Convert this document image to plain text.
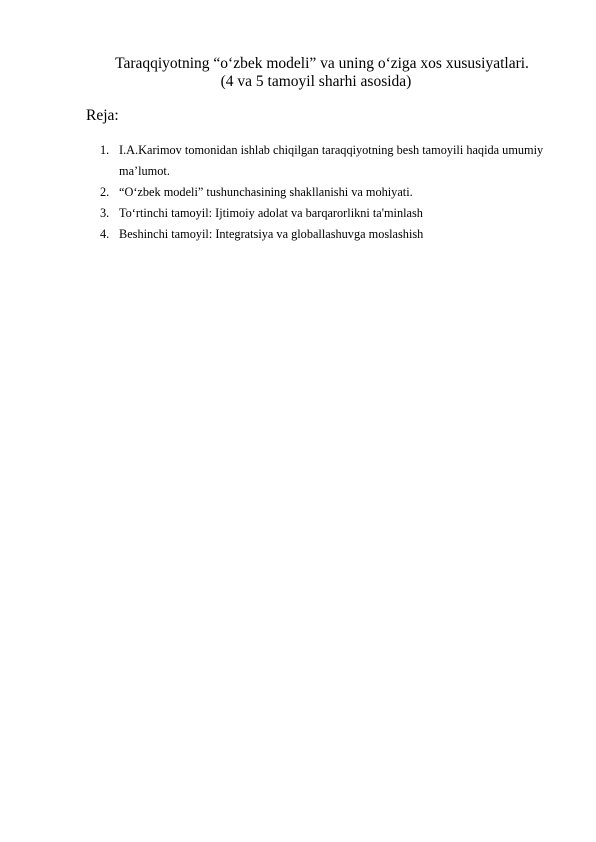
Taraqqiyotning “o‘zbek modeli” va uning o‘ziga xos xususiyatlari.
(4 va 5 tamoyil sharhi asosida)
Reja:
1. I.A.Karimov tomonidan ishlab chiqilgan taraqqiyotning besh tamoyili haqida umumiy ma’lumot.
2. “O‘zbek modeli” tushunchasining shakllanishi va mohiyati.
3. To‘rtinchi tamoyil: Ijtimoiy adolat va barqarorlikni ta'minlash
4. Beshinchi tamoyil: Integratsiya va globallashuvga moslashish
